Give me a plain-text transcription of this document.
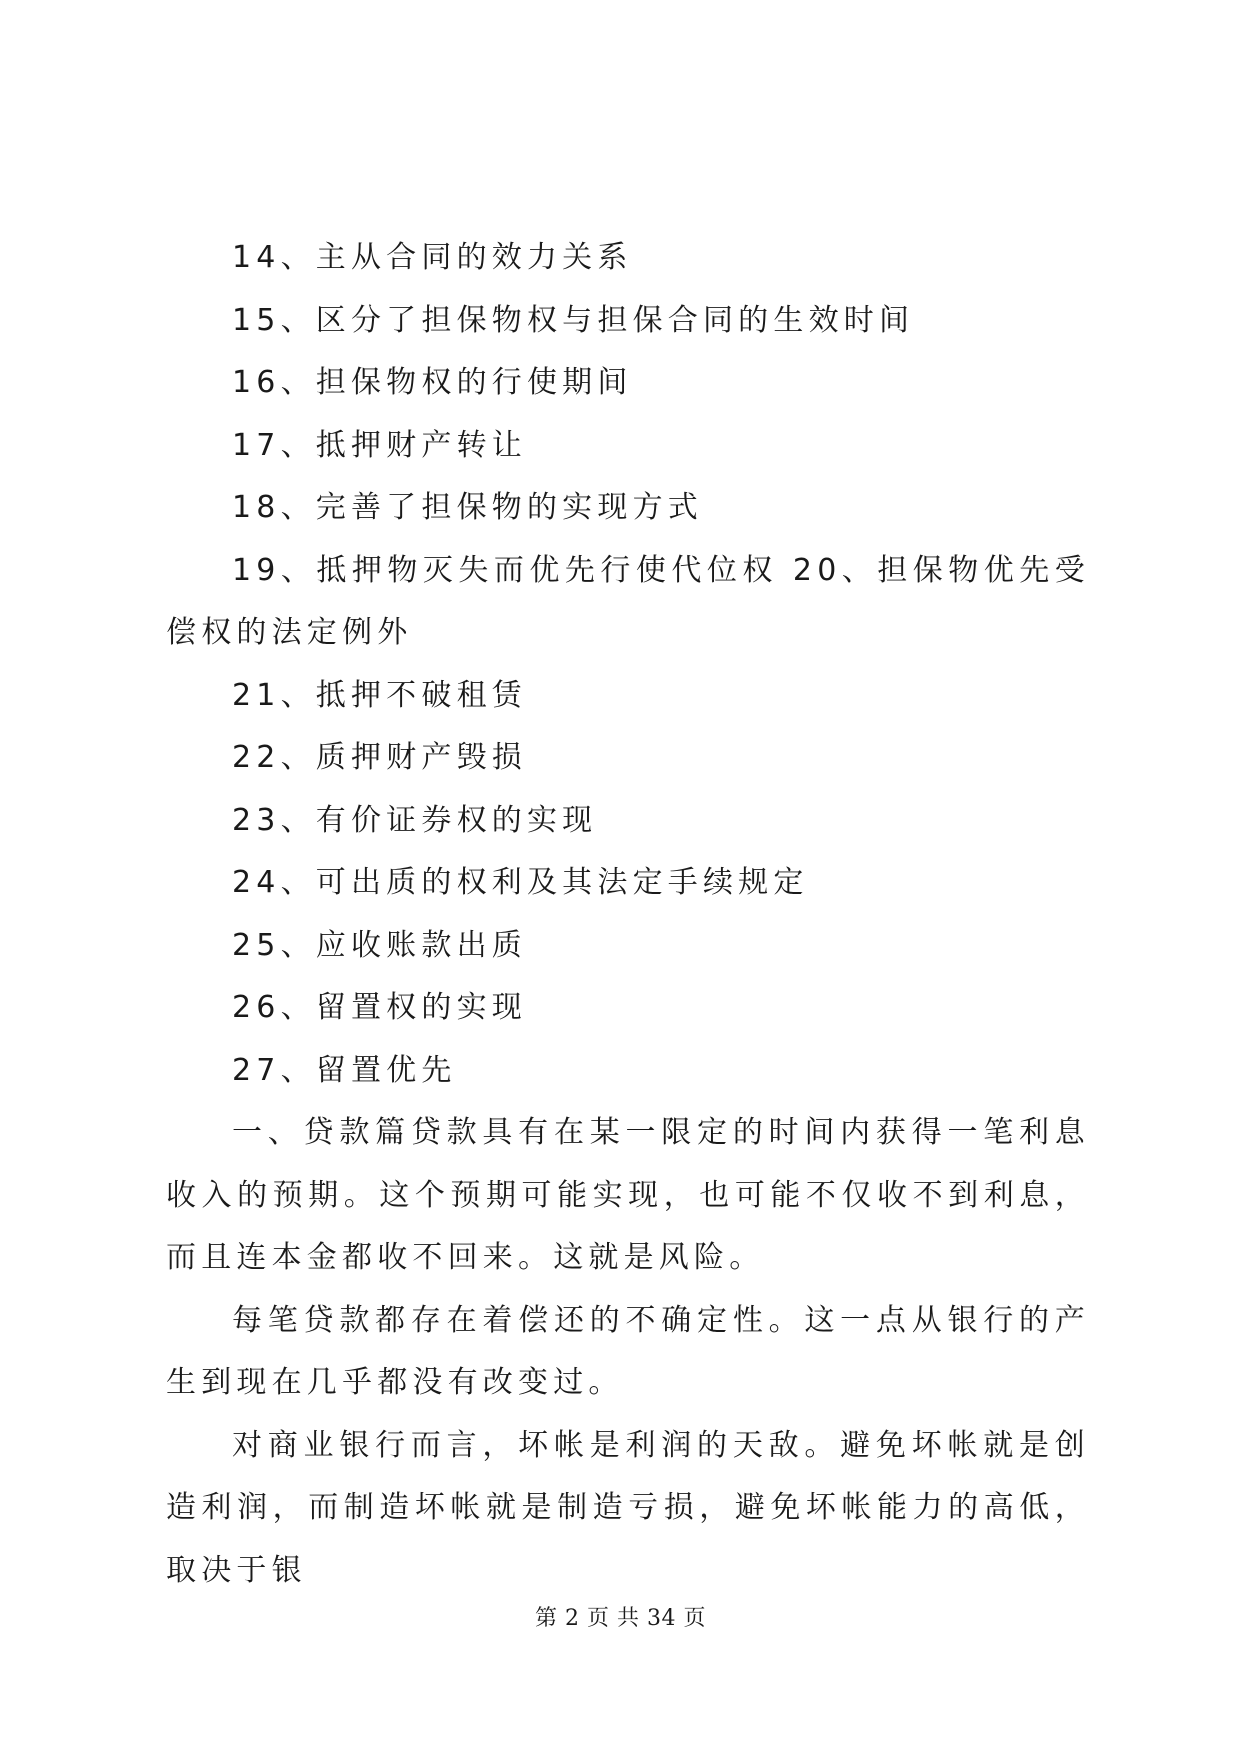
14、主从合同的效力关系

15、区分了担保物权与担保合同的生效时间

16、担保物权的行使期间

17、抵押财产转让

18、完善了担保物的实现方式

19、抵押物灭失而优先行使代位权 20、担保物优先受偿权的法定例外

21、抵押不破租赁

22、质押财产毁损

23、有价证券权的实现

24、可出质的权利及其法定手续规定

25、应收账款出质

26、留置权的实现

27、留置优先

一、贷款篇贷款具有在某一限定的时间内获得一笔利息收入的预期。这个预期可能实现，也可能不仅收不到利息，而且连本金都收不回来。这就是风险。

每笔贷款都存在着偿还的不确定性。这一点从银行的产生到现在几乎都没有改变过。

对商业银行而言，坏帐是利润的天敌。避免坏帐就是创造利润，而制造坏帐就是制造亏损，避免坏帐能力的高低，取决于银

第 2 页 共 34 页
